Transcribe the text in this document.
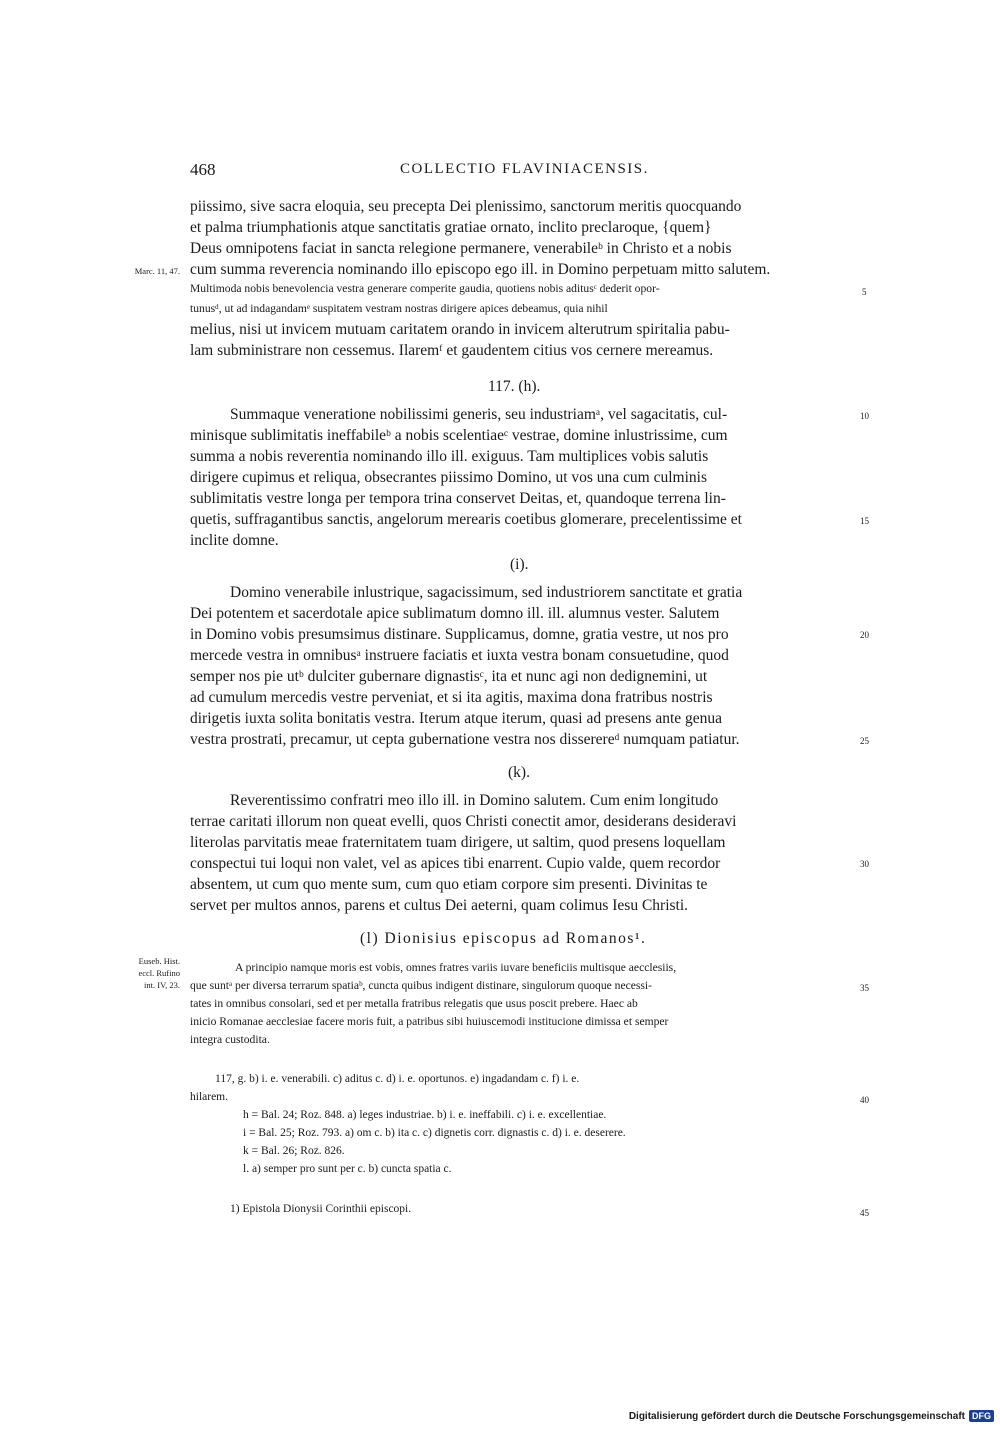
468	COLLECTIO FLAVINIACENSIS.
piissimo, sive sacra eloquia, seu precepta Dei plenissimo, sanctorum meritis quocquando
et palma triumphationis atque sanctitatis gratiae ornato, inclito preclaroque, {quem}
Deus omnipotens faciat in sancta relegione permanere, venerabileᵇ in Christo et a nobis
cum summa reverencia nominando illo episcopo ego ill. in Domino perpetuam mitto salutem.
Multimoda nobis benevolencia vestra generare comperite gaudia, quotiens nobis aditusᶜ dederit opor-
tunusᵈ, ut ad indagandamᵉ suspitatem vestram nostras dirigere apices debeamus, quia nihil
melius, nisi ut invicem mutuam caritatem orando in invicem alterutrum spiritalia pabu-
lam subministrare non cessemus. Ilaremᶠ et gaudentem citius vos cernere mereamus.
117. (h).
Summaque veneratione nobilissimi generis, seu industriamᵃ, vel sagacitatis, cul-
minisque sublimitatis ineffabileᵇ a nobis scelentiaeᶜ vestrae, domine inlustrissime, cum
summa a nobis reverentia nominando illo ill. exiguus. Tam multiplices vobis salutis
dirigere cupimus et reliqua, obsecrantes piissimo Domino, ut vos una cum culminis
sublimitatis vestre longa per tempora trina conservet Deitas, et, quandoque terrena lin-
quetis, suffragantibus sanctis, angelorum merearis coetibus glomerare, precelentissime et
inclite domne.
(i).
Domino venerabile inlustrique, sagacissimum, sed industriorem sanctitate et gratia
Dei potentem et sacerdotale apice sublimatum domno ill. ill. alumnus vester. Salutem
in Domino vobis presumsimus distinare. Supplicamus, domne, gratia vestre, ut nos pro
mercede vestra in omnibusᵃ instruere faciatis et iuxta vestra bonam consuetudine, quod
semper nos pie utᵇ dulciter gubernare dignastisᶜ, ita et nunc agi non dedignemini, ut
ad cumulum mercedis vestre perveniat, et si ita agitis, maxima dona fratribus nostris
dirigetis iuxta solita bonitatis vestra. Iterum atque iterum, quasi ad presens ante genua
vestra prostrati, precamur, ut cepta gubernatione vestra nos disserereᵈ numquam patiatur.
(k).
Reverentissimo confratri meo illo ill. in Domino salutem. Cum enim longitudo
terrae caritati illorum non queat evelli, quos Christi conectit amor, desiderans desideravi
literolas parvitatis meae fraternitatem tuam dirigere, ut saltim, quod presens loquellam
conspectui tui loqui non valet, vel as apices tibi enarrent. Cupio valde, quem recordor
absentem, ut cum quo mente sum, cum quo etiam corpore sim presenti. Divinitas te
servet per multos annos, parens et cultus Dei aeterni, quam colimus Iesu Christi.
(l) Dionisius episcopus ad Romanos¹.
A principio namque moris est vobis, omnes fratres variis iuvare beneficiis multisque aecclesiis,
que suntᵃ per diversa terrarum spatiaᵇ, cuncta quibus indigent distinare, singulorum quoque necessi-
tates in omnibus consolari, sed et per metalla fratribus relegatis que usus poscit prebere. Haec ab
inicio Romanae aecclesiae facere moris fuit, a patribus sibi huiuscemodi institucione dimissa et semper
integra custodita.
Marc. 11, 47.
Euseb. Hist.
eccl. Rufino
int. IV, 23.
5
10
15
20
25
30
35
40
45
117, g. b) i. e. venerabili. c) aditus c. d) i. e. oportunos. e) ingadandam c. f) i. e.
hilarem.
h = Bal. 24; Roz. 848. a) leges industriae. b) i. e. ineffabili. c) i. e. excellentiae.
i = Bal. 25; Roz. 793. a) om c. b) ita c. c) dignetis corr. dignastis c. d) i. e. deserere.
k = Bal. 26; Roz. 826.
l. a) semper pro sunt per c. b) cuncta spatia c.
1) Epistola Dionysii Corinthii episcopi.
Digitalisierung gefördert durch die Deutsche Forschungsgemeinschaft DFG
